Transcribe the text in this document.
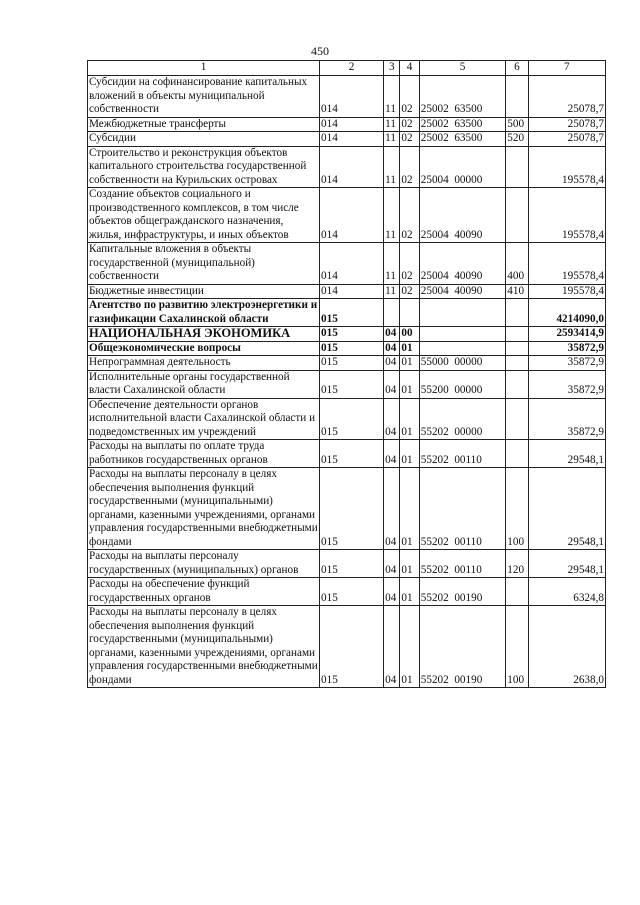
450
1	2	3	4	5	6	7
Субсидии на софинансирование капитальных вложений в объекты муниципальной собственности	014	11	02	25002  63500		25078,7
Межбюджетные трансферты	014	11	02	25002  63500	500	25078,7
Субсидии	014	11	02	25002  63500	520	25078,7
Строительство и реконструкция объектов капитального строительства государственной собственности на Курильских островах	014	11	02	25004  00000		195578,4
Создание объектов социального и производственного комплексов, в том числе объектов общегражданского назначения, жилья, инфраструктуры, и иных объектов	014	11	02	25004  40090		195578,4
Капитальные вложения в объекты государственной (муниципальной) собственности	014	11	02	25004  40090	400	195578,4
Бюджетные инвестиции	014	11	02	25004  40090	410	195578,4
Агентство по развитию электроэнергетики и газификации Сахалинской области	015					4214090,0
НАЦИОНАЛЬНАЯ ЭКОНОМИКА	015	04	00			2593414,9
Общеэкономические вопросы	015	04	01			35872,9
Непрограммная деятельность	015	04	01	55000  00000		35872,9
Исполнительные органы государственной власти Сахалинской области	015	04	01	55200  00000		35872,9
Обеспечение деятельности органов исполнительной власти Сахалинской области и подведомственных им учреждений	015	04	01	55202  00000		35872,9
Расходы на выплаты по оплате труда работников государственных органов	015	04	01	55202  00110		29548,1
Расходы на выплаты персоналу в целях обеспечения выполнения функций государственными (муниципальными) органами, казенными учреждениями, органами управления государственными внебюджетными фондами	015	04	01	55202  00110	100	29548,1
Расходы на выплаты персоналу государственных (муниципальных) органов	015	04	01	55202  00110	120	29548,1
Расходы на обеспечение функций государственных органов	015	04	01	55202  00190		6324,8
Расходы на выплаты персоналу в целях обеспечения выполнения функций государственными (муниципальными) органами, казенными учреждениями, органами управления государственными внебюджетными фондами	015	04	01	55202  00190	100	2638,0
